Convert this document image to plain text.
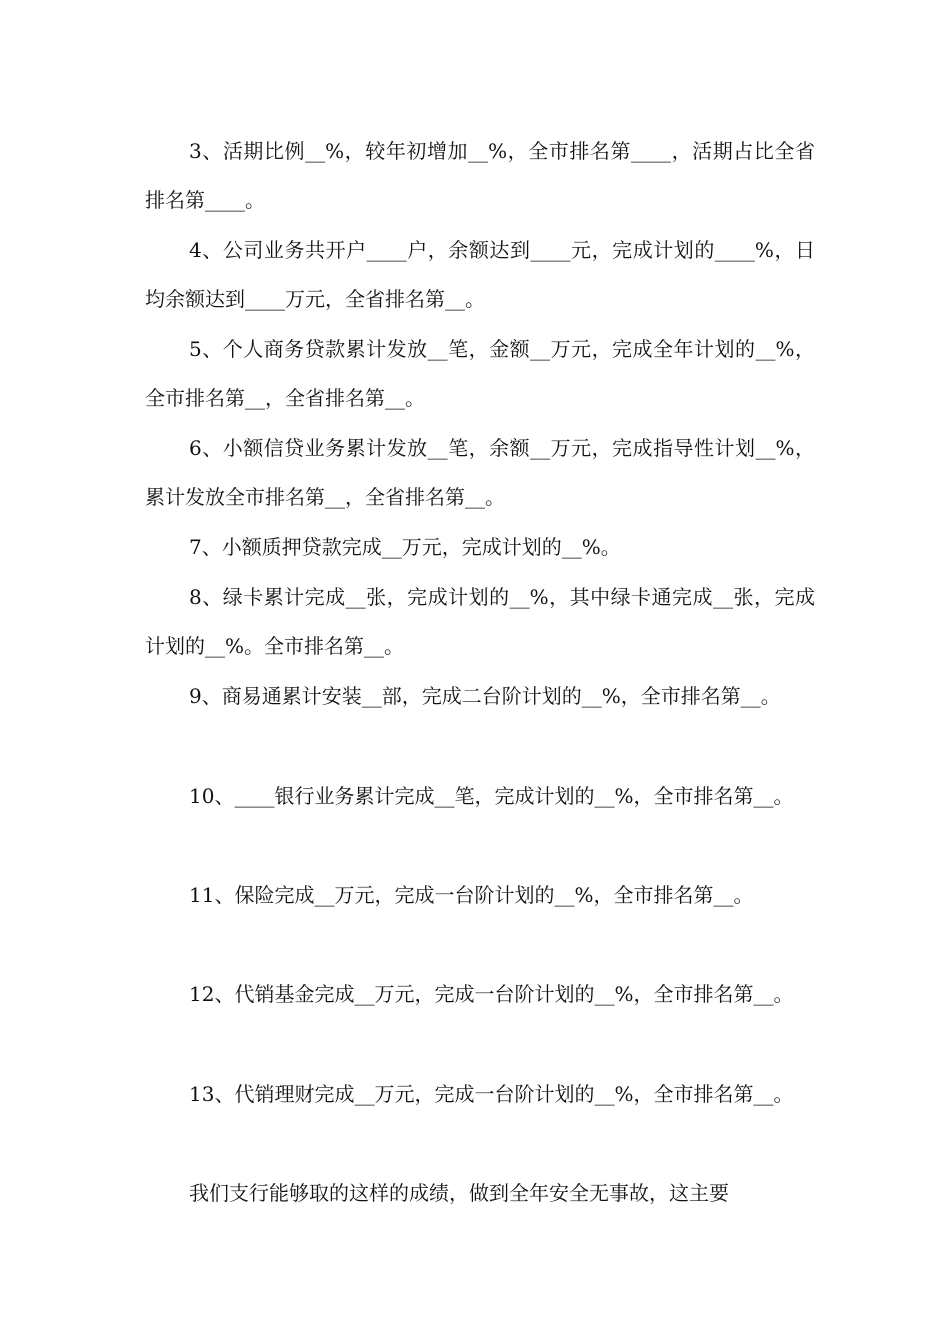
3、活期比例__%，较年初增加__%，全市排名第____，活期占比全省排名第____。

4、公司业务共开户____户，余额达到____元，完成计划的____%，日均余额达到____万元，全省排名第__。

5、个人商务贷款累计发放__笔，金额__万元，完成全年计划的__%，全市排名第__，全省排名第__。

6、小额信贷业务累计发放__笔，余额__万元，完成指导性计划__%，累计发放全市排名第__，全省排名第__。

7、小额质押贷款完成__万元，完成计划的__%。

8、绿卡累计完成__张，完成计划的__%，其中绿卡通完成__张，完成计划的__%。全市排名第__。

9、商易通累计安装__部，完成二台阶计划的__%，全市排名第__。

10、____银行业务累计完成__笔，完成计划的__%，全市排名第__。

11、保险完成__万元，完成一台阶计划的__%，全市排名第__。

12、代销基金完成__万元，完成一台阶计划的__%，全市排名第__。

13、代销理财完成__万元，完成一台阶计划的__%，全市排名第__。

我们支行能够取的这样的成绩，做到全年安全无事故，这主要
